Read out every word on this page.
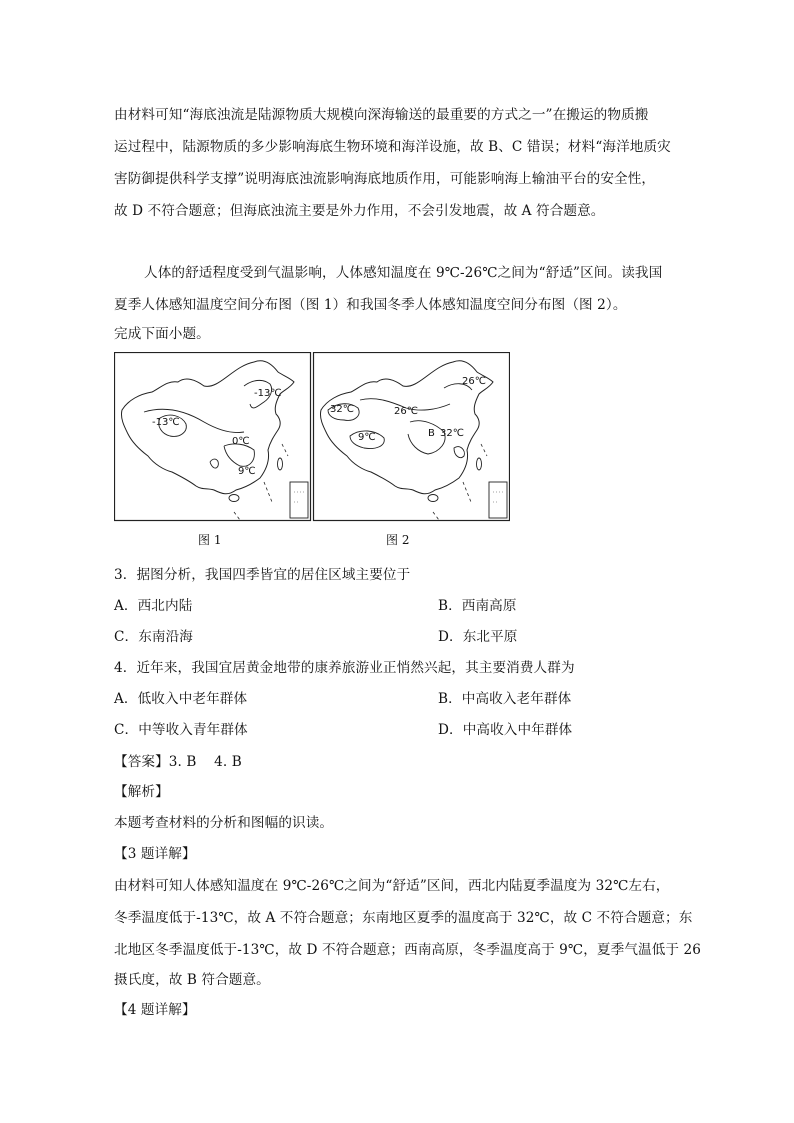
由材料可知“海底浊流是陆源物质大规模向深海输送的最重要的方式之一”在搬运的物质搬
运过程中，陆源物质的多少影响海底生物环境和海洋设施，故 B、C 错误；材料“海洋地质灾
害防御提供科学支撑”说明海底浊流影响海底地质作用，可能影响海上输油平台的安全性，
故 D 不符合题意；但海底浊流主要是外力作用，不会引发地震，故 A 符合题意。
人体的舒适程度受到气温影响，人体感知温度在 9℃-26℃之间为“舒适”区间。读我国
夏季人体感知温度空间分布图（图 1）和我国冬季人体感知温度空间分布图（图 2）。
完成下面小题。
-13℃
-13℃
0℃
9℃
26℃
32℃	26℃
9℃	32℃
B
图 1	图 2
3．据图分析，我国四季皆宜的居住区域主要位于
A．西北内陆	B．西南高原
C．东南沿海	D．东北平原
4．近年来，我国宜居黄金地带的康养旅游业正悄然兴起，其主要消费人群为
A．低收入中老年群体	B．中高收入老年群体
C．中等收入青年群体	D．中高收入中年群体
【答案】3. B    4. B
【解析】
本题考查材料的分析和图幅的识读。
【3 题详解】
由材料可知人体感知温度在 9℃-26℃之间为“舒适”区间，西北内陆夏季温度为 32℃左右，
冬季温度低于-13℃，故 A 不符合题意；东南地区夏季的温度高于 32℃，故 C 不符合题意；东
北地区冬季温度低于-13℃，故 D 不符合题意；西南高原，冬季温度高于 9℃，夏季气温低于 26
摄氏度，故 B 符合题意。
【4 题详解】
